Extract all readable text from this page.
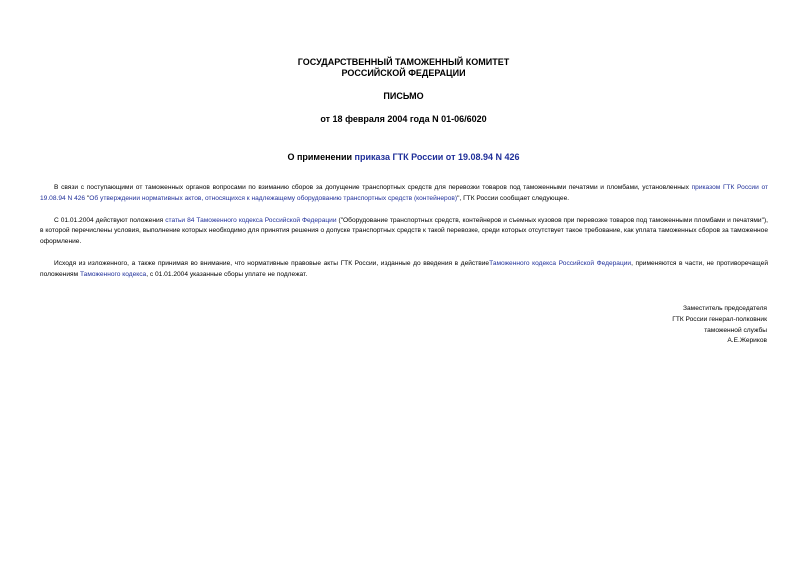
ГОСУДАРСТВЕННЫЙ ТАМОЖЕННЫЙ КОМИТЕТ
РОССИЙСКОЙ ФЕДЕРАЦИИ
ПИСЬМО
от 18 февраля 2004 года N 01-06/6020
О применении приказа ГТК России от 19.08.94 N 426

В связи с поступающими от таможенных органов вопросами по взиманию сборов за допущение транспортных средств для перевозки товаров под таможенными печатями и пломбами, установленных приказом ГТК России от 19.08.94 N 426 "Об утверждении нормативных актов, относящихся к надлежащему оборудованию транспортных средств (контейнеров)", ГТК России сообщает следующее.

С 01.01.2004 действуют положения статьи 84 Таможенного кодекса Российской Федерации ("Оборудование транспортных средств, контейнеров и съемных кузовов при перевозке товаров под таможенными пломбами и печатями"), в которой перечислены условия, выполнение которых необходимо для принятия решения о допуске транспортных средств к такой перевозке, среди которых отсутствует такое требование, как уплата таможенных сборов за таможенное оформление.

Исходя из изложенного, а также принимая во внимание, что нормативные правовые акты ГТК России, изданные до введения в действиеТаможенного кодекса Российской Федерации, применяются в части, не противоречащей положениям Таможенного кодекса, с 01.01.2004 указанные сборы уплате не подлежат.

Заместитель председателя
ГТК России генерал-полковник
таможенной службы
А.Е.Жериков
